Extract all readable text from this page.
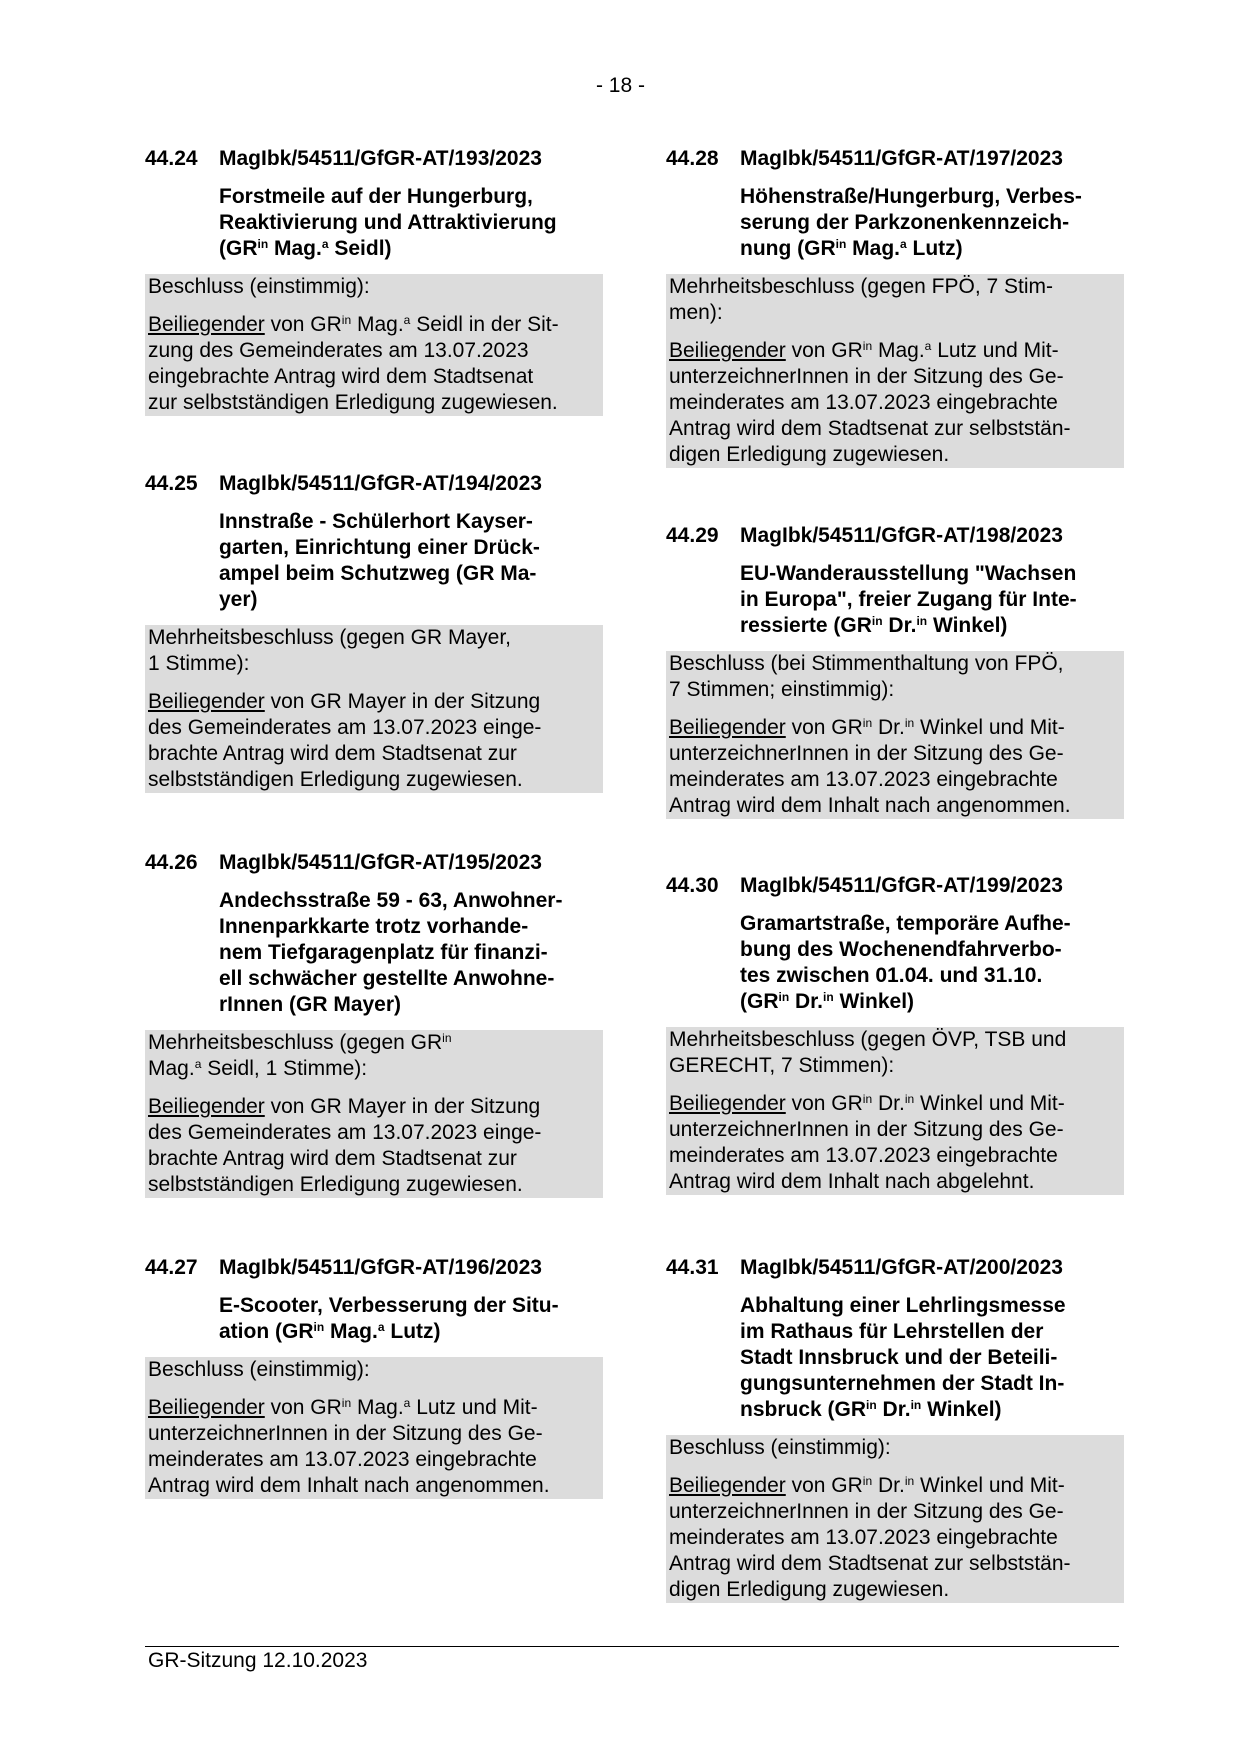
- 18 -
44.24	MagIbk/54511/GfGR-AT/193/2023
Forstmeile auf der Hungerburg,
Reaktivierung und Attraktivierung
($GR^{in}$ Mag.$^a$ Seidl)
Beschluss (einstimmig):
Beiliegender von $GR^{in}$ Mag.$^a$ Seidl in der Sit-
zung des Gemeinderates am 13.07.2023
eingebrachte Antrag wird dem Stadtsenat
zur selbstständigen Erledigung zugewiesen.
44.25	MagIbk/54511/GfGR-AT/194/2023
Innstraße - Schülerhort Kayser-
garten, Einrichtung einer Drück-
ampel beim Schutzweg (GR Ma-
yer)
Mehrheitsbeschluss (gegen GR Mayer,
1 Stimme):
Beiliegender von GR Mayer in der Sitzung
des Gemeinderates am 13.07.2023 einge-
brachte Antrag wird dem Stadtsenat zur
selbstständigen Erledigung zugewiesen.
44.26	MagIbk/54511/GfGR-AT/195/2023
Andechsstraße 59 - 63, Anwohner-
Innenparkkarte trotz vorhande-
nem Tiefgaragenplatz für finanzi-
ell schwächer gestellte Anwohne-
rInnen (GR Mayer)
Mehrheitsbeschluss (gegen $GR^{in}$
Mag.$^a$ Seidl, 1 Stimme):
Beiliegender von GR Mayer in der Sitzung
des Gemeinderates am 13.07.2023 einge-
brachte Antrag wird dem Stadtsenat zur
selbstständigen Erledigung zugewiesen.
44.27	MagIbk/54511/GfGR-AT/196/2023
E-Scooter, Verbesserung der Situ-
ation ($GR^{in}$ Mag.$^a$ Lutz)
Beschluss (einstimmig):
Beiliegender von $GR^{in}$ Mag.$^a$ Lutz und Mit-
unterzeichnerInnen in der Sitzung des Ge-
meinderates am 13.07.2023 eingebrachte
Antrag wird dem Inhalt nach angenommen.
44.28	MagIbk/54511/GfGR-AT/197/2023
Höhenstraße/Hungerburg, Verbes-
serung der Parkzonenkennzeich-
nung ($GR^{in}$ Mag.$^a$ Lutz)
Mehrheitsbeschluss (gegen FPÖ, 7 Stim-
men):
Beiliegender von $GR^{in}$ Mag.$^a$ Lutz und Mit-
unterzeichnerInnen in der Sitzung des Ge-
meinderates am 13.07.2023 eingebrachte
Antrag wird dem Stadtsenat zur selbststän-
digen Erledigung zugewiesen.
44.29	MagIbk/54511/GfGR-AT/198/2023
EU-Wanderausstellung "Wachsen
in Europa", freier Zugang für Inte-
ressierte ($GR^{in}$ Dr.$^{in}$ Winkel)
Beschluss (bei Stimmenthaltung von FPÖ,
7 Stimmen; einstimmig):
Beiliegender von $GR^{in}$ Dr.$^{in}$ Winkel und Mit-
unterzeichnerInnen in der Sitzung des Ge-
meinderates am 13.07.2023 eingebrachte
Antrag wird dem Inhalt nach angenommen.
44.30	MagIbk/54511/GfGR-AT/199/2023
Gramartstraße, temporäre Aufhe-
bung des Wochenendfahrverbo-
tes zwischen 01.04. und 31.10.
($GR^{in}$ Dr.$^{in}$ Winkel)
Mehrheitsbeschluss (gegen ÖVP, TSB und
GERECHT, 7 Stimmen):
Beiliegender von $GR^{in}$ Dr.$^{in}$ Winkel und Mit-
unterzeichnerInnen in der Sitzung des Ge-
meinderates am 13.07.2023 eingebrachte
Antrag wird dem Inhalt nach abgelehnt.
44.31	MagIbk/54511/GfGR-AT/200/2023
Abhaltung einer Lehrlingsmesse
im Rathaus für Lehrstellen der
Stadt Innsbruck und der Beteili-
gungsunternehmen der Stadt In-
nsbruck ($GR^{in}$ Dr.$^{in}$ Winkel)
Beschluss (einstimmig):
Beiliegender von $GR^{in}$ Dr.$^{in}$ Winkel und Mit-
unterzeichnerInnen in der Sitzung des Ge-
meinderates am 13.07.2023 eingebrachte
Antrag wird dem Stadtsenat zur selbststän-
digen Erledigung zugewiesen.
GR-Sitzung 12.10.2023
